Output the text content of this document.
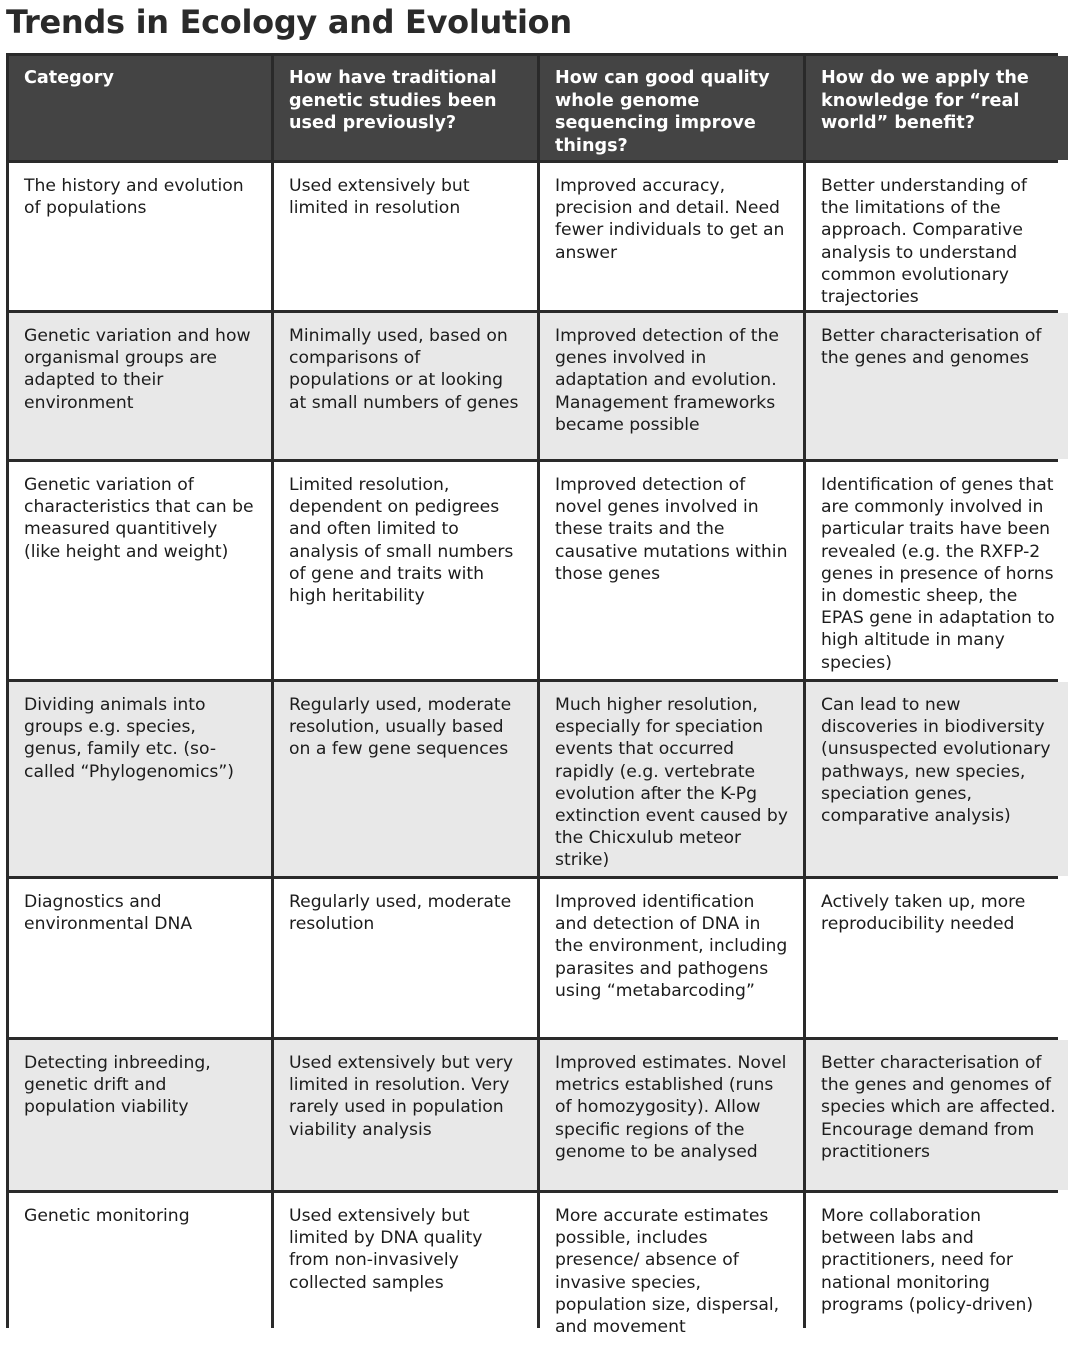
Trends in Ecology and Evolution
Category	How have traditional genetic studies been used previously?
How can good quality whole genome sequencing improve things?
How do we apply the knowledge for “real world” benefit?
The history and evolution of populations
Used extensively but limited in resolution
Improved accuracy, precision and detail. Need fewer individuals to get an answer
Better understanding of the limitations of the approach. Comparative analysis to understand common evolutionary trajectories
Genetic variation and how organismal groups are adapted to their environment
Minimally used, based on comparisons of populations or at looking at small numbers of genes
Improved detection of the genes involved in adaptation and evolution. Management frameworks became possible
Better characterisation of the genes and genomes
Genetic variation of characteristics that can be measured quantitively (like height and weight)
Limited resolution, dependent on pedigrees and often limited to analysis of small numbers of gene and traits with high heritability
Improved detection of novel genes involved in these traits and the causative mutations within those genes
Identification of genes that are commonly involved in particular traits have been revealed (e.g. the RXFP-2 genes in presence of horns in domestic sheep, the EPAS gene in adaptation to high altitude in many species)
Dividing animals into groups e.g. species, genus, family etc. (so-called “Phylogenomics”)
Regularly used, moderate resolution, usually based on a few gene sequences
Much higher resolution, especially for speciation events that occurred rapidly (e.g. vertebrate evolution after the K-Pg extinction event caused by the Chicxulub meteor strike)
Can lead to new discoveries in biodiversity (unsuspected evolutionary pathways, new species, speciation genes, comparative analysis)
Diagnostics and environmental DNA
Regularly used, moderate resolution
Improved identification and detection of DNA in the environment, including parasites and pathogens using “metabarcoding”
Actively taken up, more reproducibility needed
Detecting inbreeding, genetic drift and population viability
Used extensively but very limited in resolution. Very rarely used in population viability analysis
Improved estimates. Novel metrics established (runs of homozygosity). Allow specific regions of the genome to be analysed
Better characterisation of the genes and genomes of species which are affected. Encourage demand from practitioners
Genetic monitoring	Used extensively but limited by DNA quality from non-invasively collected samples
More accurate estimates possible, includes presence/ absence of invasive species, population size, dispersal, and movement
More collaboration between labs and practitioners, need for national monitoring programs (policy-driven)
